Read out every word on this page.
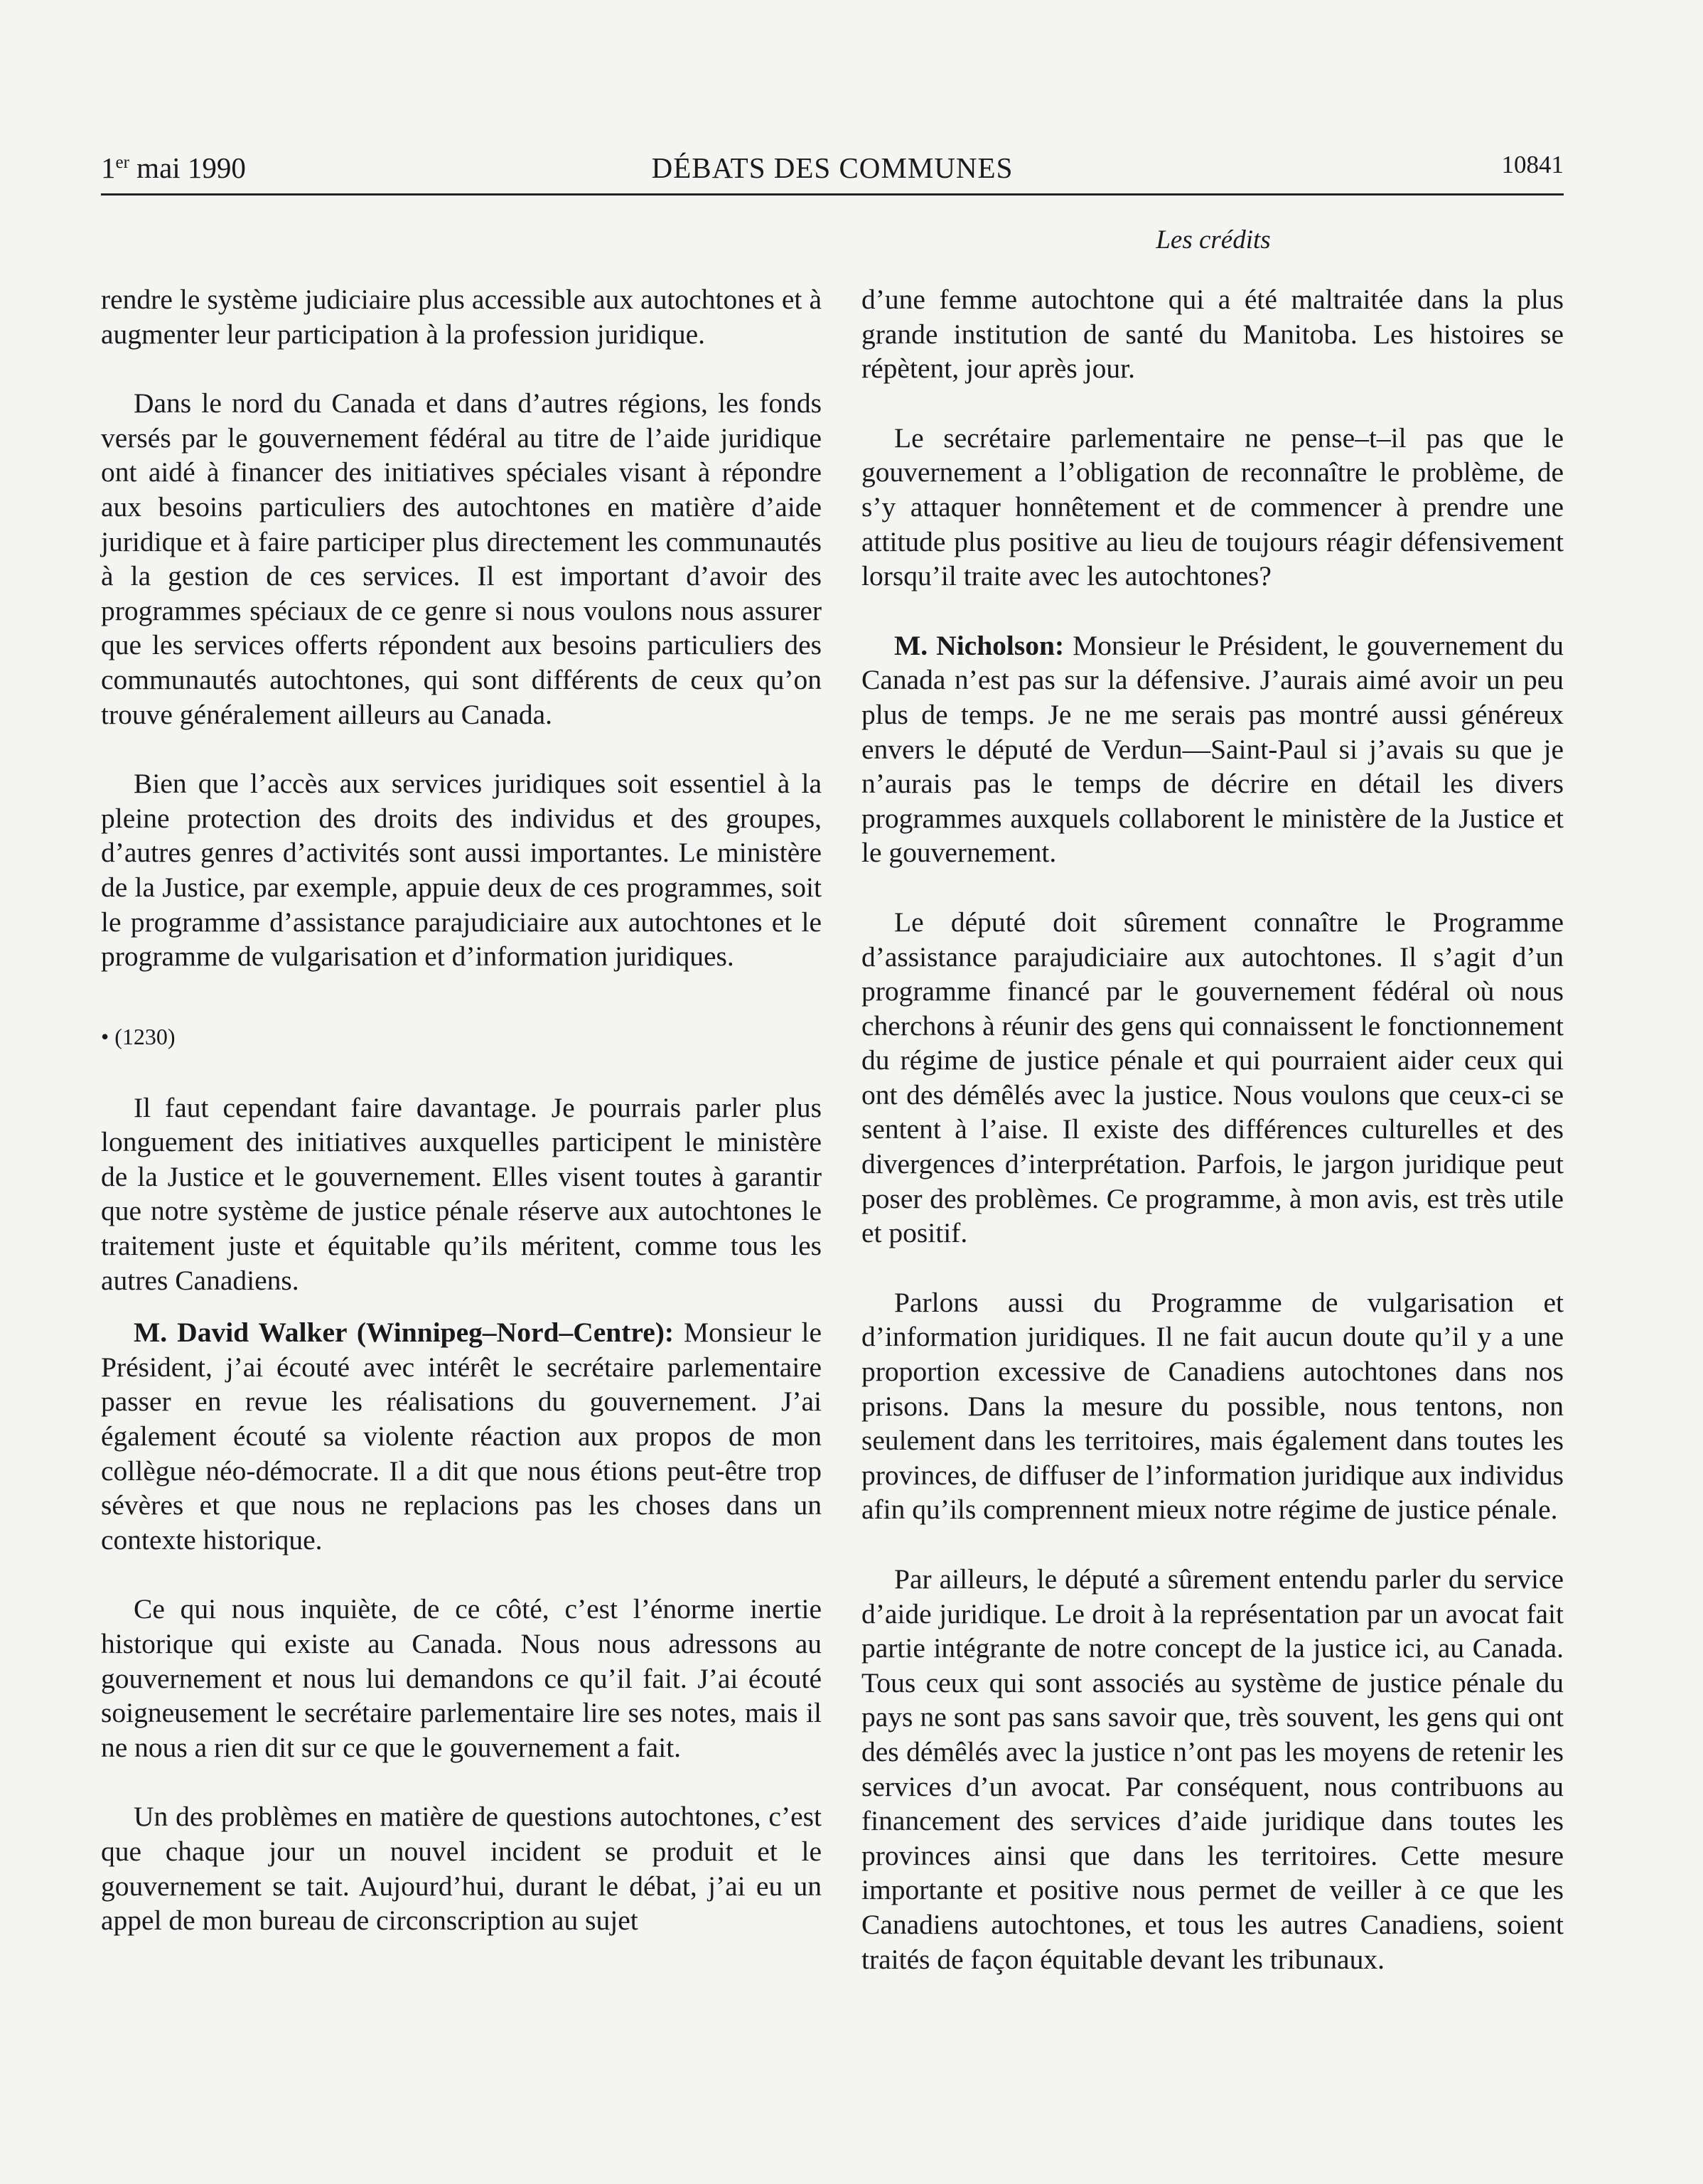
1er mai 1990	DÉBATS DES COMMUNES	10841
Les crédits

rendre le système judiciaire plus accessible aux autochtones et à augmenter leur participation à la profession juridique.

Dans le nord du Canada et dans d’autres régions, les fonds versés par le gouvernement fédéral au titre de l’aide juridique ont aidé à financer des initiatives spéciales visant à répondre aux besoins particuliers des autochtones en matière d’aide juridique et à faire participer plus directement les communautés à la gestion de ces services. Il est important d’avoir des programmes spéciaux de ce genre si nous voulons nous assurer que les services offerts répondent aux besoins particuliers des communautés autochtones, qui sont différents de ceux qu’on trouve généralement ailleurs au Canada.

Bien que l’accès aux services juridiques soit essentiel à la pleine protection des droits des individus et des groupes, d’autres genres d’activités sont aussi importantes. Le ministère de la Justice, par exemple, appuie deux de ces programmes, soit le programme d’assistance parajudiciaire aux autochtones et le programme de vulgarisation et d’information juridiques.

• (1230)

Il faut cependant faire davantage. Je pourrais parler plus longuement des initiatives auxquelles participent le ministère de la Justice et le gouvernement. Elles visent toutes à garantir que notre système de justice pénale réserve aux autochtones le traitement juste et équitable qu’ils méritent, comme tous les autres Canadiens.

M. David Walker (Winnipeg–Nord–Centre): Monsieur le Président, j’ai écouté avec intérêt le secrétaire parlementaire passer en revue les réalisations du gouvernement. J’ai également écouté sa violente réaction aux propos de mon collègue néo-démocrate. Il a dit que nous étions peut-être trop sévères et que nous ne replacions pas les choses dans un contexte historique.

Ce qui nous inquiète, de ce côté, c’est l’énorme inertie historique qui existe au Canada. Nous nous adressons au gouvernement et nous lui demandons ce qu’il fait. J’ai écouté soigneusement le secrétaire parlementaire lire ses notes, mais il ne nous a rien dit sur ce que le gouvernement a fait.

Un des problèmes en matière de questions autochtones, c’est que chaque jour un nouvel incident se produit et le gouvernement se tait. Aujourd’hui, durant le débat, j’ai eu un appel de mon bureau de circonscription au sujet

d’une femme autochtone qui a été maltraitée dans la plus grande institution de santé du Manitoba. Les histoires se répètent, jour après jour.

Le secrétaire parlementaire ne pense–t–il pas que le gouvernement a l’obligation de reconnaître le problème, de s’y attaquer honnêtement et de commencer à prendre une attitude plus positive au lieu de toujours réagir défensivement lorsqu’il traite avec les autochtones?

M. Nicholson: Monsieur le Président, le gouvernement du Canada n’est pas sur la défensive. J’aurais aimé avoir un peu plus de temps. Je ne me serais pas montré aussi généreux envers le député de Verdun—Saint-Paul si j’avais su que je n’aurais pas le temps de décrire en détail les divers programmes auxquels collaborent le ministère de la Justice et le gouvernement.

Le député doit sûrement connaître le Programme d’assistance parajudiciaire aux autochtones. Il s’agit d’un programme financé par le gouvernement fédéral où nous cherchons à réunir des gens qui connaissent le fonctionnement du régime de justice pénale et qui pourraient aider ceux qui ont des démêlés avec la justice. Nous voulons que ceux-ci se sentent à l’aise. Il existe des différences culturelles et des divergences d’interprétation. Parfois, le jargon juridique peut poser des problèmes. Ce programme, à mon avis, est très utile et positif.

Parlons aussi du Programme de vulgarisation et d’information juridiques. Il ne fait aucun doute qu’il y a une proportion excessive de Canadiens autochtones dans nos prisons. Dans la mesure du possible, nous tentons, non seulement dans les territoires, mais également dans toutes les provinces, de diffuser de l’information juridique aux individus afin qu’ils comprennent mieux notre régime de justice pénale.

Par ailleurs, le député a sûrement entendu parler du service d’aide juridique. Le droit à la représentation par un avocat fait partie intégrante de notre concept de la justice ici, au Canada. Tous ceux qui sont associés au système de justice pénale du pays ne sont pas sans savoir que, très souvent, les gens qui ont des démêlés avec la justice n’ont pas les moyens de retenir les services d’un avocat. Par conséquent, nous contribuons au financement des services d’aide juridique dans toutes les provinces ainsi que dans les territoires. Cette mesure importante et positive nous permet de veiller à ce que les Canadiens autochtones, et tous les autres Canadiens, soient traités de façon équitable devant les tribunaux.
